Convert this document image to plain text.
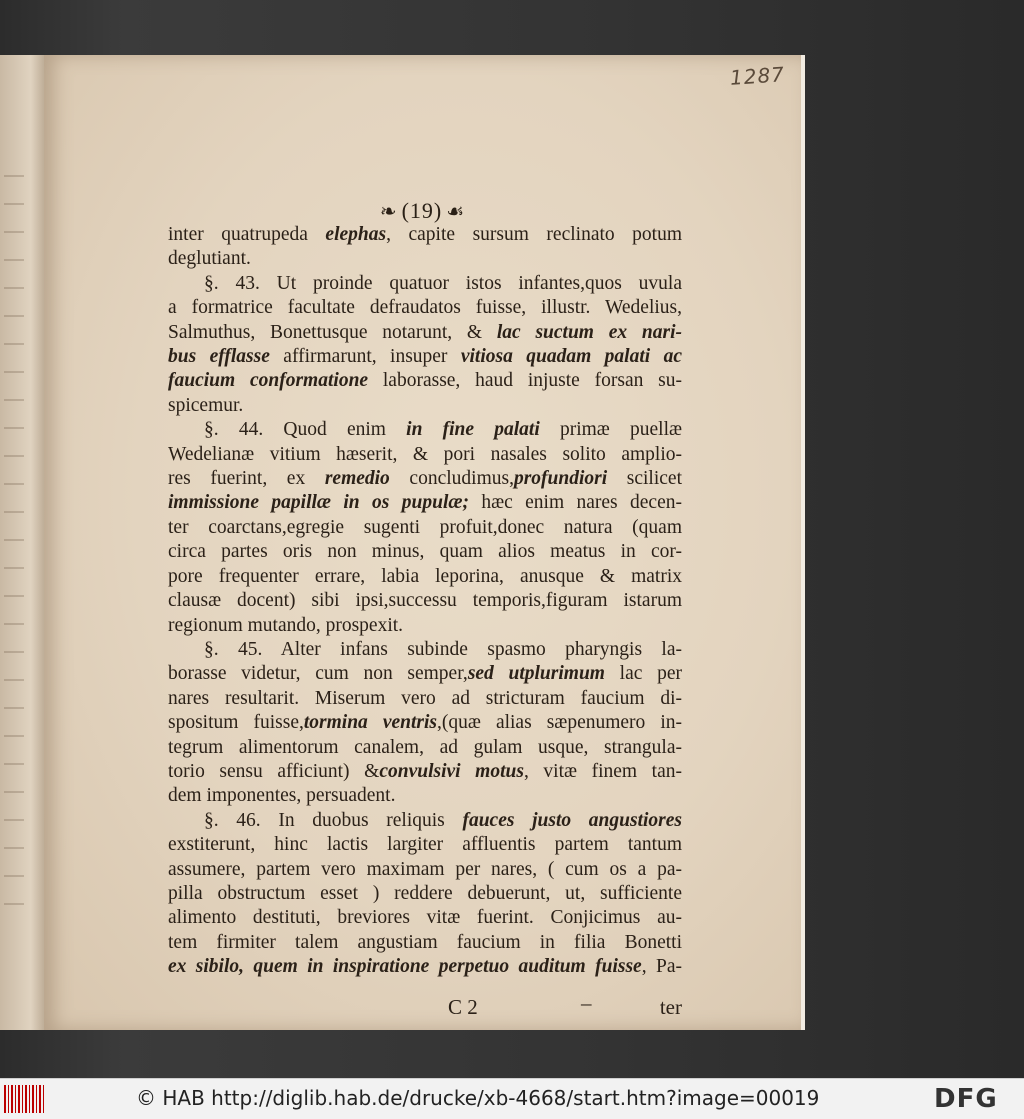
❧ (19) ☙
inter quatrupeda elephas, capite sursum reclinato potum
deglutiant.
§. 43. Ut proinde quatuor istos infantes,quos uvula
a formatrice facultate defraudatos fuisse, illustr. Wedelius,
Salmuthus, Bonettusque notarunt, & lac suctum ex nari-
bus efflasse affirmarunt, insuper vitiosa quadam palati ac
faucium conformatione laborasse, haud injuste forsan su-
spicemur.
§. 44. Quod enim in fine palati primæ puellæ
Wedelianæ vitium hæserit, & pori nasales solito amplio-
res fuerint, ex remedio concludimus,profundiori scilicet
immissione papillæ in os pupulæ; hæc enim nares decen-
ter coarctans,egregie sugenti profuit,donec natura (quam
circa partes oris non minus, quam alios meatus in cor-
pore frequenter errare, labia leporina, anusque & matrix
clausæ docent) sibi ipsi,successu temporis,figuram istarum
regionum mutando, prospexit.
§. 45. Alter infans subinde spasmo pharyngis la-
borasse videtur, cum non semper,sed utplurimum lac per
nares resultarit. Miserum vero ad stricturam faucium di-
spositum fuisse,tormina ventris,(quæ alias sæpenumero in-
tegrum alimentorum canalem, ad gulam usque, strangula-
torio sensu afficiunt) &convulsivi motus, vitæ finem tan-
dem imponentes, persuadent.
§. 46. In duobus reliquis fauces justo angustiores
exstiterunt, hinc lactis largiter affluentis partem tantum
assumere, partem vero maximam per nares, ( cum os a pa-
pilla obstructum esset ) reddere debuerunt, ut, sufficiente
alimento destituti, breviores vitæ fuerint. Conjicimus au-
tem firmiter talem angustiam faucium in filia Bonetti
ex sibilo, quem in inspiratione perpetuo auditum fuisse, Pa-
C 2	–	ter
1287
© HAB http://diglib.hab.de/drucke/xb-4668/start.htm?image=00019	DFG
